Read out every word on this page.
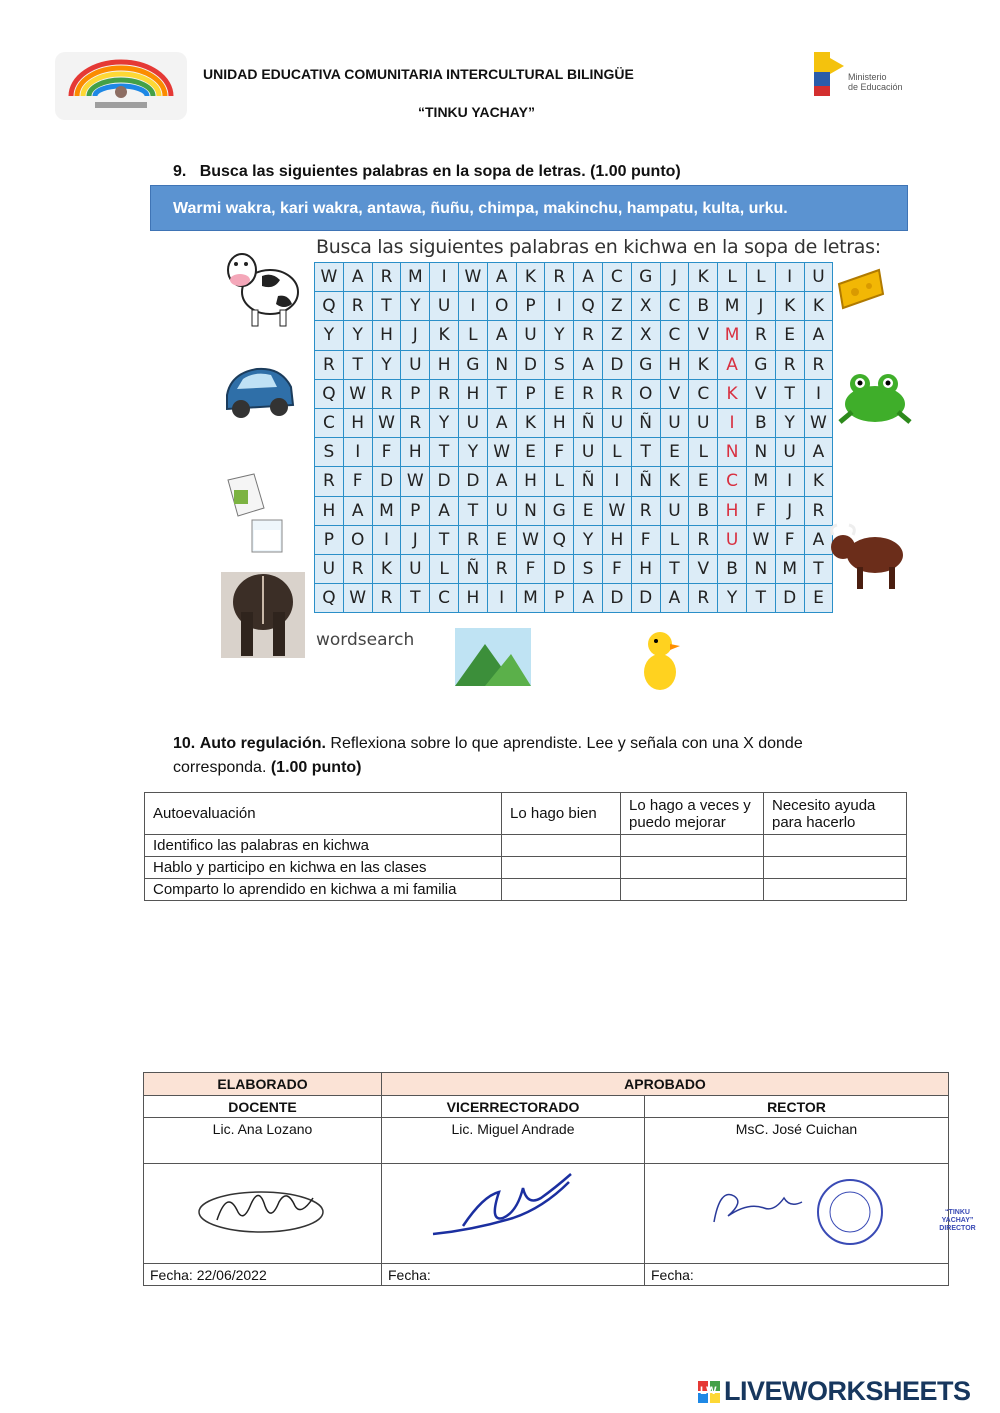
UNIDAD EDUCATIVA COMUNITARIA INTERCULTURAL BILINGÜE
“TINKU YACHAY”
Ministerio
de Educación
9. Busca las siguientes palabras en la sopa de letras. (1.00 punto)
Warmi wakra, kari wakra, antawa, ñuñu, chimpa, makinchu, hampatu, kulta, urku.
Busca las siguientes palabras en kichwa en la sopa de letras:
W	A	R	M	I	W	A	K	R	A	C	G	J	K	L	L	I	U
Q	R	T	Y	U	I	O	P	I	Q	Z	X	C	B	M	J	K	K
Y	Y	H	J	K	L	A	U	Y	R	Z	X	C	V	M	R	E	A
R	T	Y	U	H	G	N	D	S	A	D	G	H	K	A	G	R	R
Q	W	R	P	R	H	T	P	E	R	R	O	V	C	K	V	T	I
C	H	W	R	Y	U	A	K	H	Ñ	U	Ñ	U	U	I	B	Y	W
S	I	F	H	T	Y	W	E	F	U	L	T	E	L	N	N	U	A
R	F	D	W	D	D	A	H	L	Ñ	I	Ñ	K	E	C	M	I	K
H	A	M	P	A	T	U	N	G	E	W	R	U	B	H	F	J	R
P	O	I	J	T	R	E	W	Q	Y	H	F	L	R	U	W	F	A
U	R	K	U	L	Ñ	R	F	D	S	F	H	T	V	B	N	M	T
Q	W	R	T	C	H	I	M	P	A	D	D	A	R	Y	T	D	E
wordsearch
10. Auto regulación. Reflexiona sobre lo que aprendiste. Lee y señala con una X donde corresponda. (1.00 punto)
Autoevaluación	Lo hago bien	Lo hago a veces y puedo mejorar	Necesito ayuda para hacerlo
Identifico las palabras en kichwa			
Hablo y participo en kichwa en las clases			
Comparto lo aprendido en kichwa a mi familia			
ELABORADO	APROBADO	
DOCENTE	VICERRECTORADO	RECTOR
Lic. Ana Lozano	Lic. Miguel Andrade	MsC. José Cuichan

“TINKU YACHAY” DIRECTOR

Fecha: 22/06/2022	Fecha:	Fecha:
LW LIVEWORKSHEETS
